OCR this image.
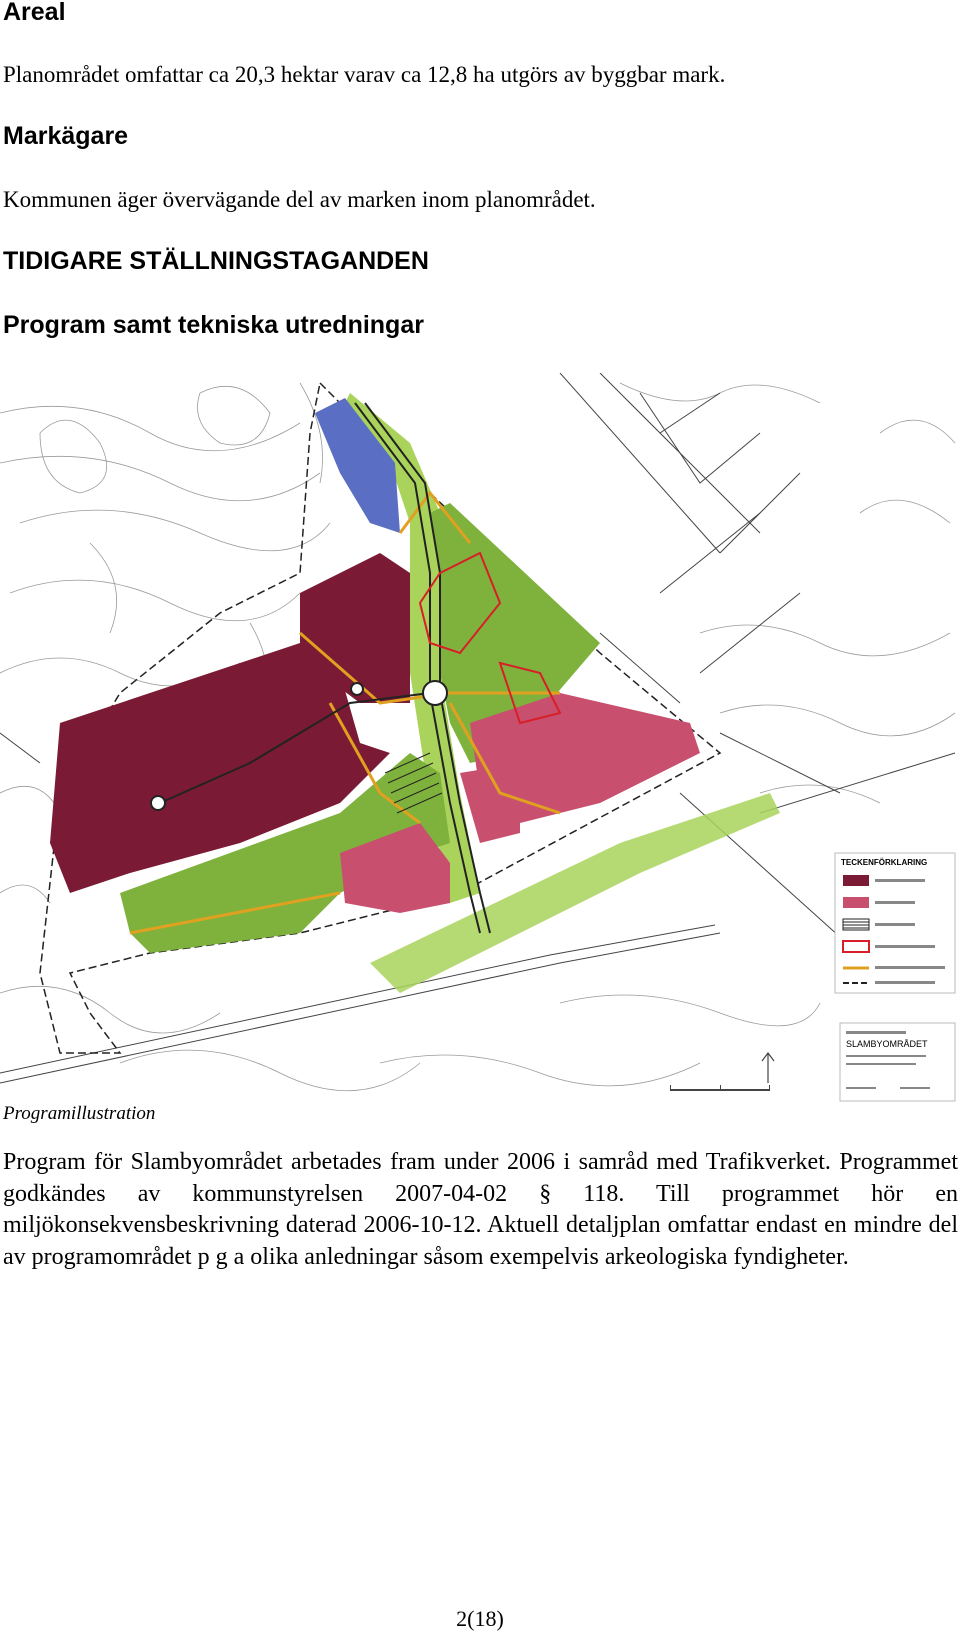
Areal

Planområdet omfattar ca 20,3 hektar varav ca 12,8 ha utgörs av byggbar mark.

Markägare

Kommunen äger övervägande del av marken inom planområdet.

TIDIGARE STÄLLNINGSTAGANDEN
Program samt tekniska utredningar
TECKENFÖRKLARING
SLAMBYOMRÅDET

Programillustration

Program för Slambyområdet arbetades fram under 2006 i samråd med Trafikverket. Programmet godkändes av kommunstyrelsen 2007-04-02 § 118. Till programmet hör en miljökonsekvensbeskrivning daterad 2006-10-12. Aktuell detaljplan omfattar endast en mindre del av programområdet p g a olika anledningar såsom exempelvis arkeologiska fyndigheter.

2(18)
